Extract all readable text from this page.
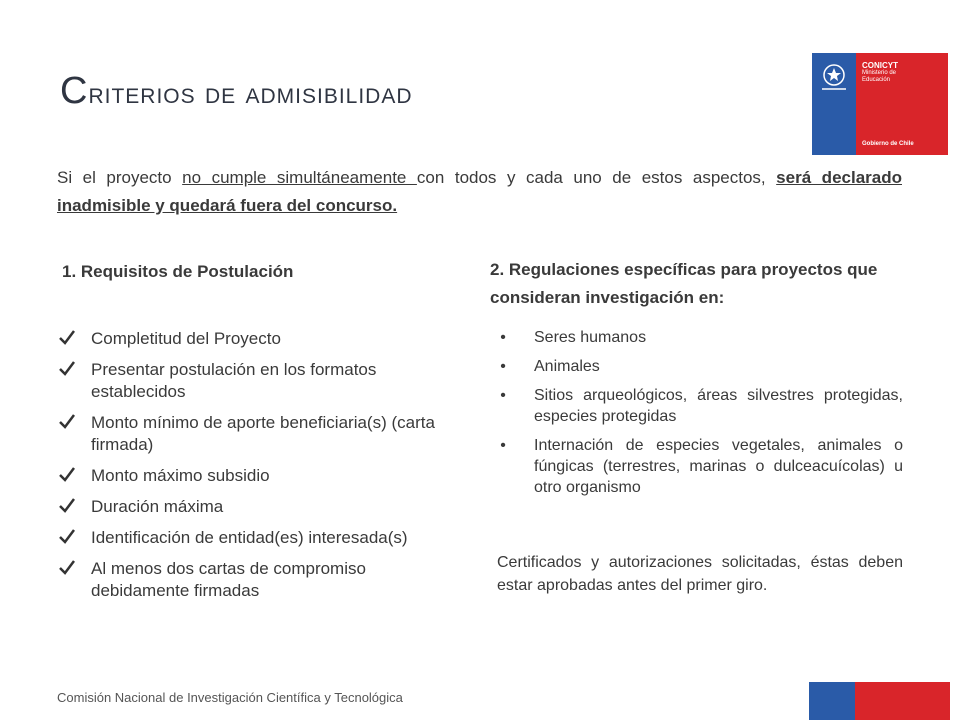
Criterios de admisibilidad
CONICYT
Ministerio de
Educación
Gobierno de Chile

Si el proyecto no cumple simultáneamente con todos y cada uno de estos aspectos, será declarado inadmisible y quedará fuera del concurso.

1. Requisitos de Postulación	2. Regulaciones específicas para proyectos que consideran investigación en:
Completitud del Proyecto
Presentar postulación en los formatos establecidos
Monto mínimo de aporte beneficiaria(s) (carta firmada)
Monto máximo subsidio
Duración máxima
Identificación de entidad(es) interesada(s)
Al menos dos cartas de compromiso debidamente firmadas
• Seres humanos
• Animales
• Sitios arqueológicos, áreas silvestres protegidas, especies protegidas
• Internación de especies vegetales, animales o fúngicas (terrestres, marinas o dulceacuícolas) u otro organismo

Certificados y autorizaciones solicitadas, éstas deben estar aprobadas antes del primer giro.

Comisión Nacional de Investigación Científica y Tecnológica
